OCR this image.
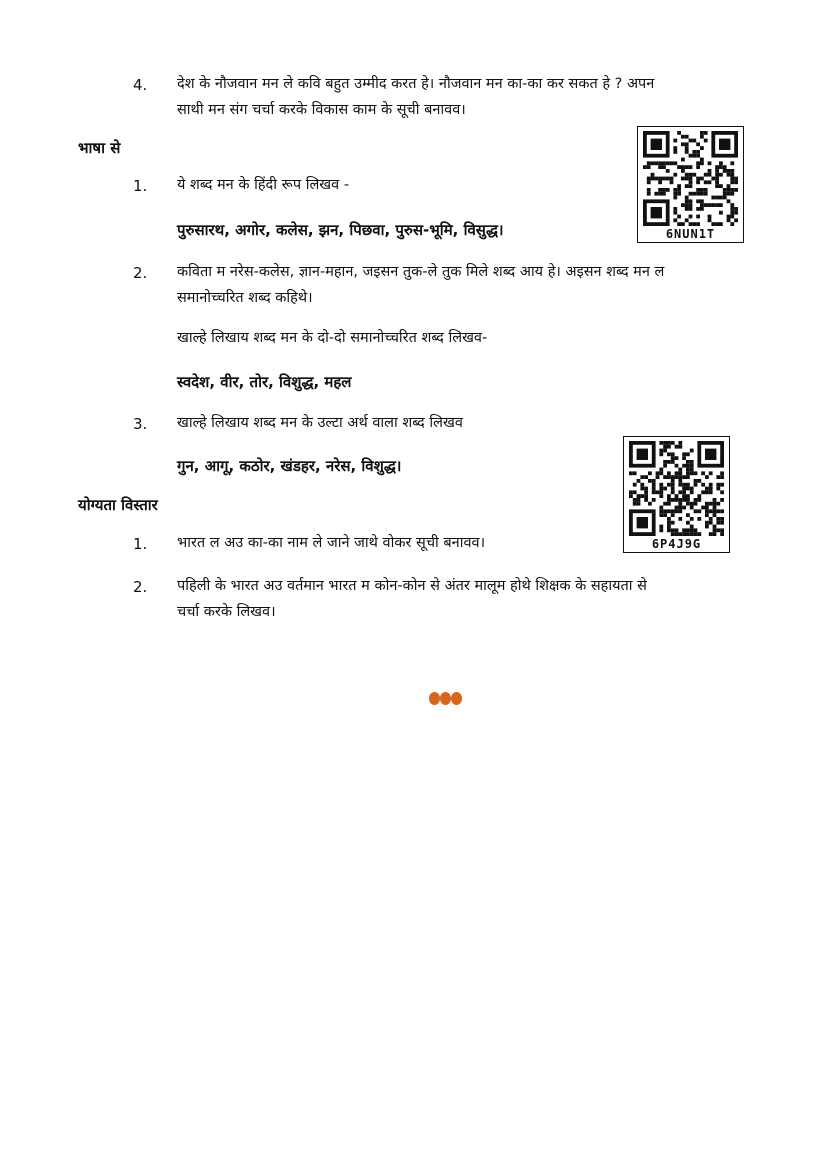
4. देश के नौजवान मन ले कवि बहुत उम्मीद करत हे। नौजवान मन का-का कर सकत हे ? अपन
साथी मन संग चर्चा करके विकास काम के सूची बनावव।
भाषा से
1. ये शब्द मन के हिंदी रूप लिखव -
पुरुसारथ, अगोर, कलेस, झन, पिछवा, पुरुस-भूमि, विसुद्ध।
2. कविता म नरेस-कलेस, ज्ञान-महान, जइसन तुक-ले तुक मिले शब्द आय हे। अइसन शब्द मन ल
समानोच्चरित शब्द कहिथे।
खाल्हे लिखाय शब्द मन के दो-दो समानोच्चरित शब्द लिखव-
स्वदेश, वीर, तोर, विशुद्ध, महल
3. खाल्हे लिखाय शब्द मन के उल्टा अर्थ वाला शब्द लिखव
गुन, आगू, कठोर, खंडहर, नरेस, विशुद्ध।
योग्यता विस्तार
1. भारत ल अउ का-का नाम ले जाने जाथे वोकर सूची बनावव।
2. पहिली के भारत अउ वर्तमान भारत म कोन-कोन से अंतर मालूम होथे शिक्षक के सहायता से
चर्चा करके लिखव।
6NUN1T
6P4J9G
